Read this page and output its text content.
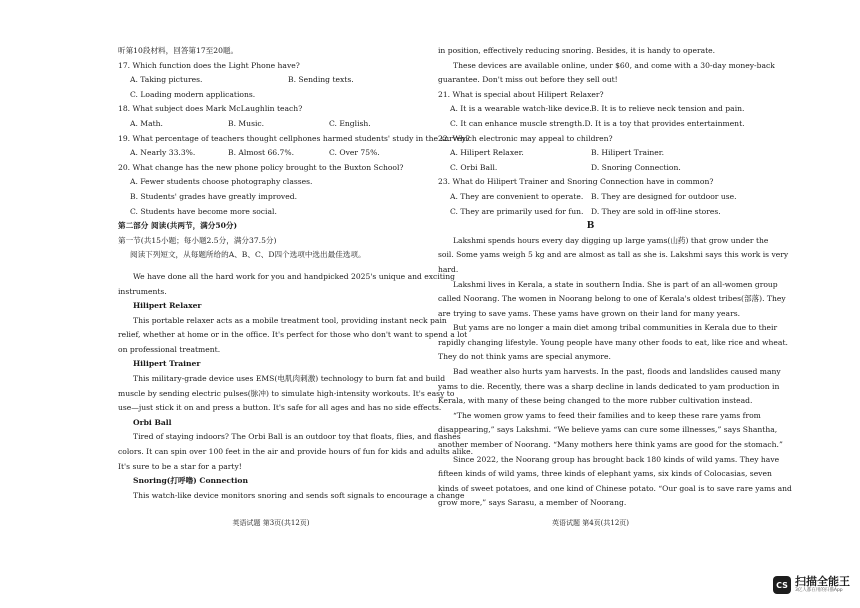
听第10段材料，回答第17至20题。
17. Which function does the Light Phone have?
A. Taking pictures.	B. Sending texts.
C. Loading modern applications.
18. What subject does Mark McLaughlin teach?
A. Math.	B. Music.	C. English.
19. What percentage of teachers thought cellphones harmed students' study in the survey?
A. Nearly 33.3%.	B. Almost 66.7%.	C. Over 75%.
20. What change has the new phone policy brought to the Buxton School?
A. Fewer students choose photography classes.
B. Students' grades have greatly improved.
C. Students have become more social.
第二部分 阅读(共两节，满分50分)
第一节(共15小题；每小题2.5分，满分37.5分)
阅读下列短文，从每题所给的A、B、C、D四个选项中选出最佳选项。
We have done all the hard work for you and handpicked 2025's unique and exciting
instruments.
Hilipert Relaxer
This portable relaxer acts as a mobile treatment tool, providing instant neck pain
relief, whether at home or in the office. It's perfect for those who don't want to spend a lot
on professional treatment.
Hilipert Trainer
This military-grade device uses EMS(电肌肉刺激) technology to burn fat and build
muscle by sending electric pulses(脉冲) to simulate high-intensity workouts. It's easy to
use—just stick it on and press a button. It's safe for all ages and has no side effects.
Orbi Ball
Tired of staying indoors? The Orbi Ball is an outdoor toy that floats, flies, and flashes
colors. It can spin over 100 feet in the air and provide hours of fun for kids and adults alike.
It's sure to be a star for a party!
Snoring(打呼噜) Connection
This watch-like device monitors snoring and sends soft signals to encourage a change
英语试题 第3页(共12页)
in position, effectively reducing snoring. Besides, it is handy to operate.
These devices are available online, under $60, and come with a 30-day money-back
guarantee. Don't miss out before they sell out!
21. What is special about Hilipert Relaxer?
A. It is a wearable watch-like device. B. It is to relieve neck tension and pain.
C. It can enhance muscle strength. D. It is a toy that provides entertainment.
22. Which electronic may appeal to children?
A. Hilipert Relaxer.	B. Hilipert Trainer.
C. Orbi Ball.	D. Snoring Connection.
23. What do Hilipert Trainer and Snoring Connection have in common?
A. They are convenient to operate.	B. They are designed for outdoor use.
C. They are primarily used for fun. D. They are sold in off-line stores.
B
Lakshmi spends hours every day digging up large yams(山药) that grow under the
soil. Some yams weigh 5 kg and are almost as tall as she is. Lakshmi says this work is very
hard.
Lakshmi lives in Kerala, a state in southern India. She is part of an all-women group
called Noorang. The women in Noorang belong to one of Kerala's oldest tribes(部落). They
are trying to save yams. These yams have grown on their land for many years.
But yams are no longer a main diet among tribal communities in Kerala due to their
rapidly changing lifestyle. Young people have many other foods to eat, like rice and wheat.
They do not think yams are special anymore.
Bad weather also hurts yam harvests. In the past, floods and landslides caused many
yams to die. Recently, there was a sharp decline in lands dedicated to yam production in
Kerala, with many of these being changed to the more rubber cultivation instead.
“The women grow yams to feed their families and to keep these rare yams from
disappearing,” says Lakshmi. “We believe yams can cure some illnesses,” says Shantha,
another member of Noorang. “Many mothers here think yams are good for the stomach.”
Since 2022, the Noorang group has brought back 180 kinds of wild yams. They have
fifteen kinds of wild yams, three kinds of elephant yams, six kinds of Colocasias, seven
kinds of sweet potatoes, and one kind of Chinese potato. “Our goal is to save rare yams and
grow more,” says Sarasu, a member of Noorang.
英语试题 第4页(共12页)
CS 扫描全能王
3亿人都在用的扫描App
